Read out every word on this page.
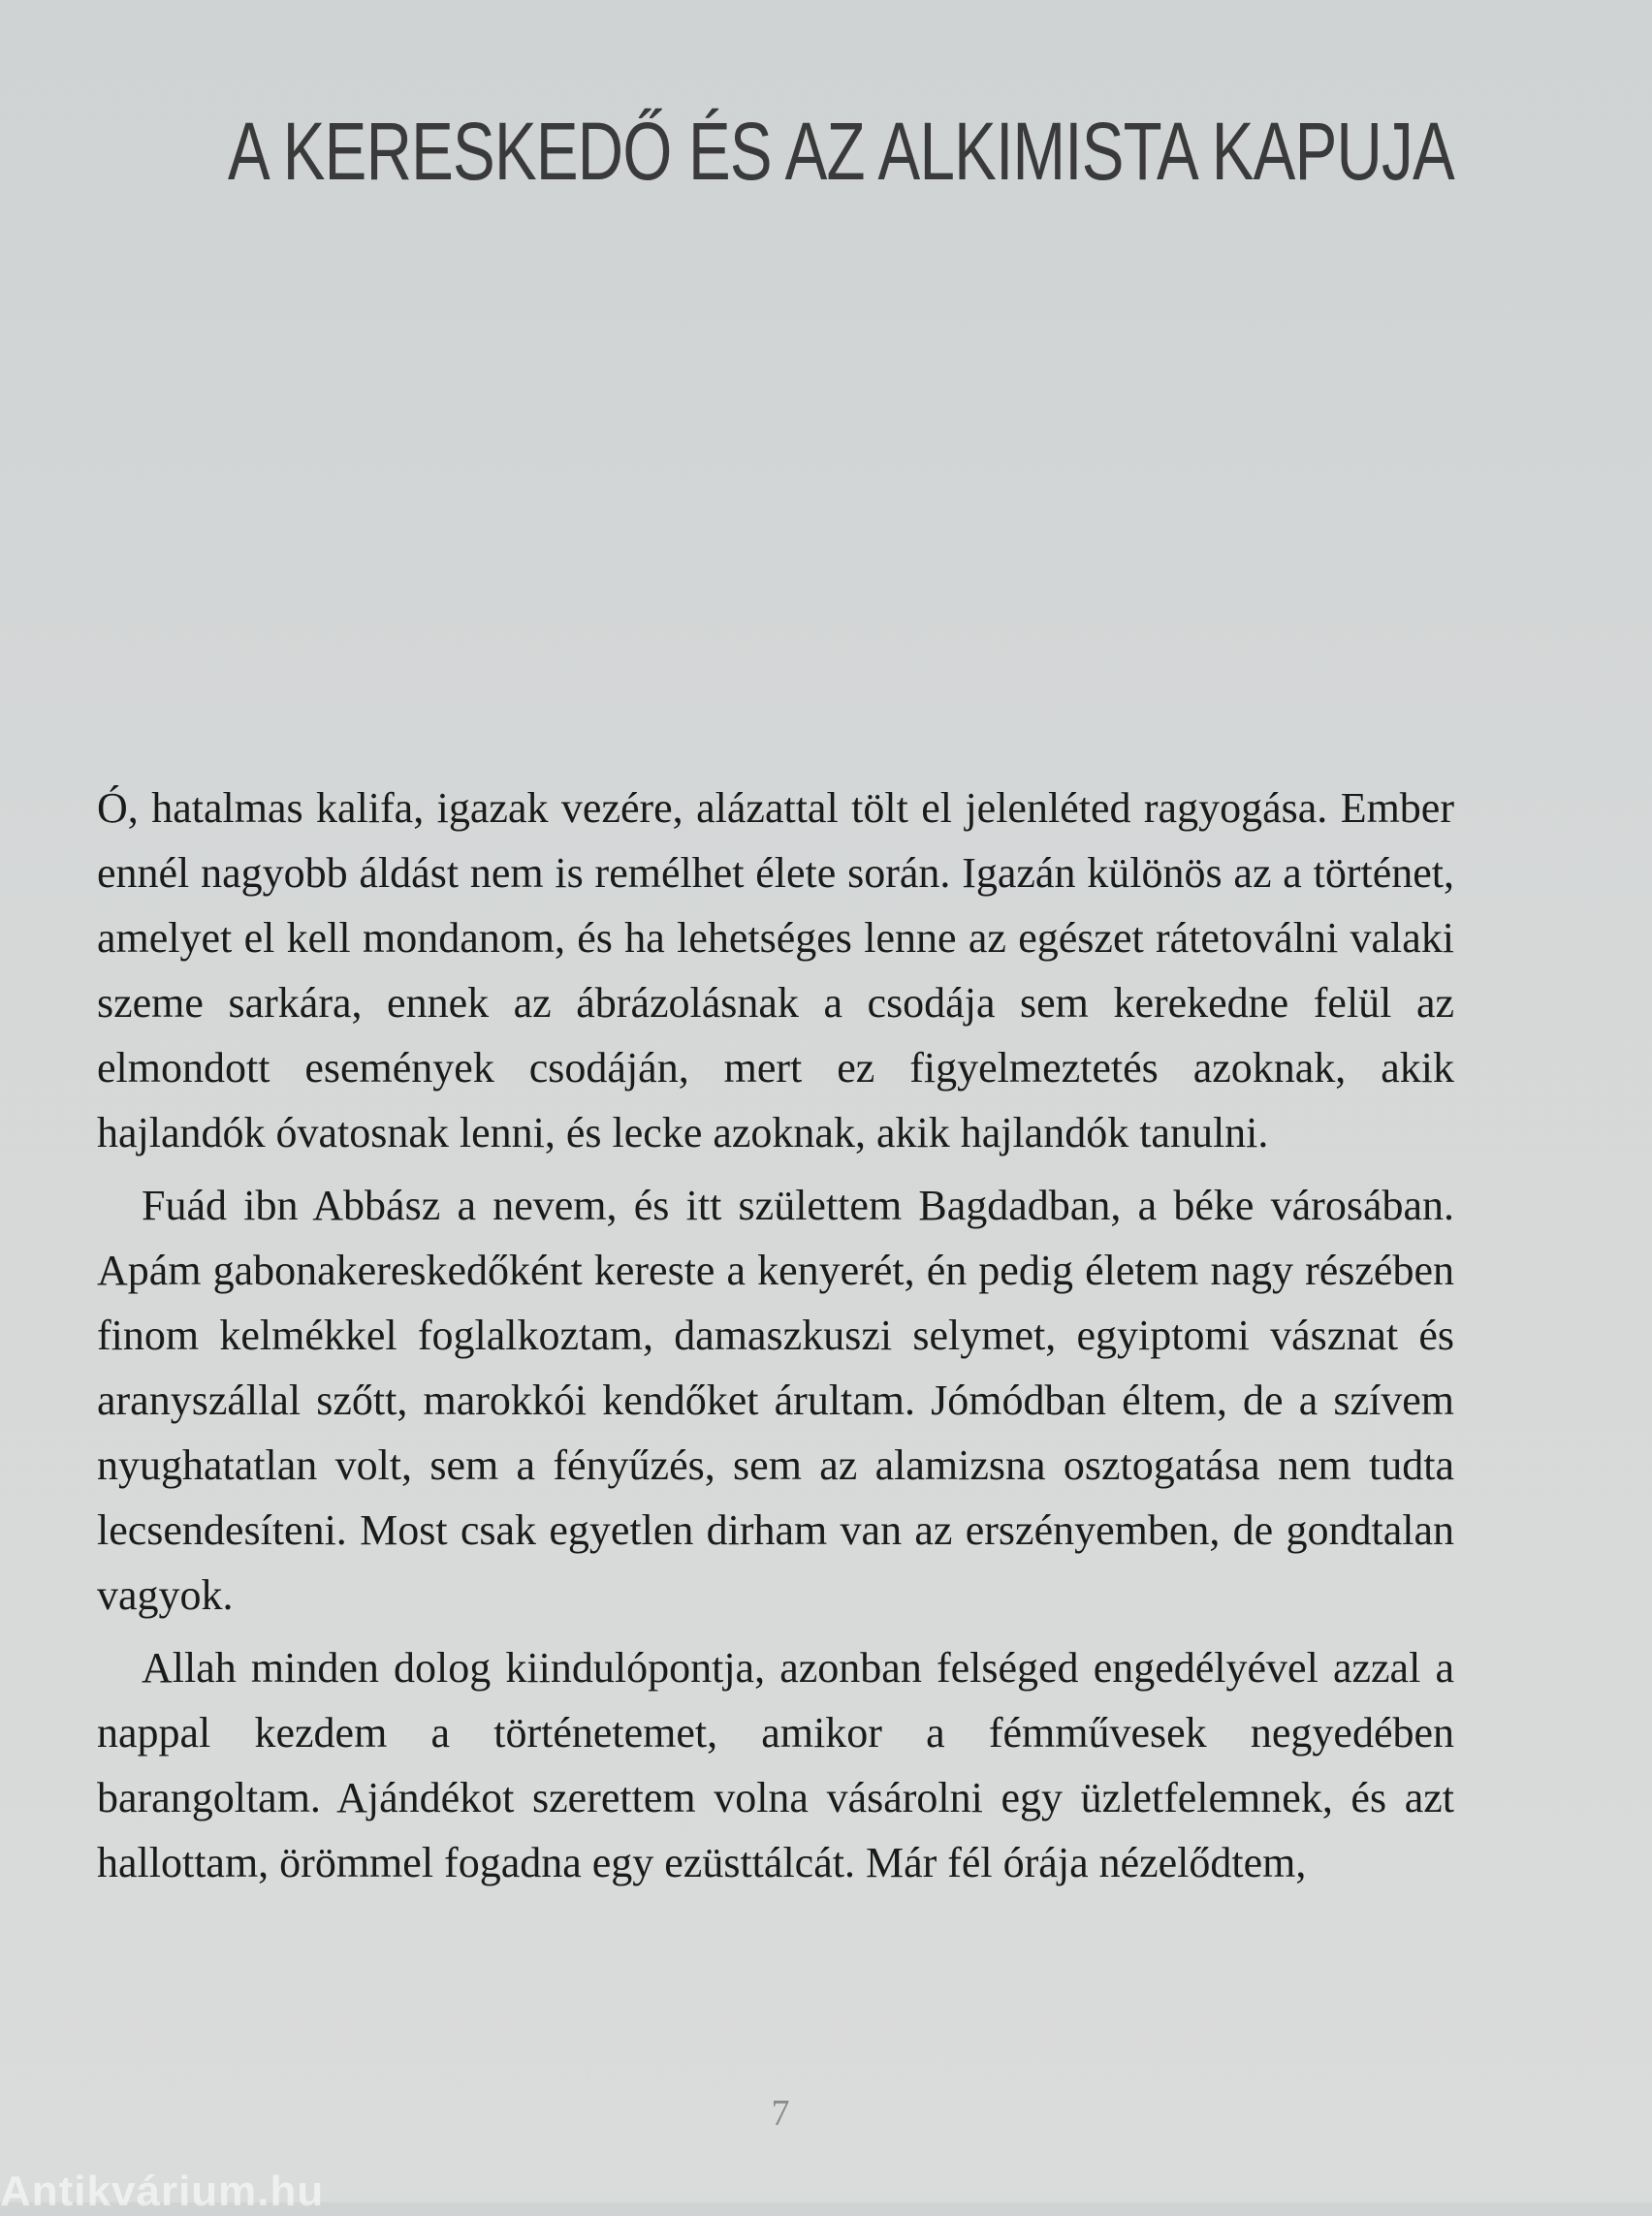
A KERESKEDŐ ÉS AZ ALKIMISTA KAPUJA

Ó, hatalmas kalifa, igazak vezére, alázattal tölt el jelenléted ragyogása. Ember ennél nagyobb áldást nem is remélhet élete során. Igazán különös az a történet, amelyet el kell mondanom, és ha lehetséges lenne az egészet rátetoválni valaki szeme sarkára, ennek az ábrázolásnak a csodája sem kerekedne felül az elmondott események csodáján, mert ez figyelmeztetés azoknak, akik hajlandók óvatosnak lenni, és lecke azoknak, akik hajlandók tanulni.

Fuád ibn Abbász a nevem, és itt születtem Bagdadban, a béke városában. Apám gabonakereskedőként kereste a kenyerét, én pedig életem nagy részében finom kelmékkel foglalkoztam, damaszkuszi selymet, egyiptomi vásznat és aranyszállal szőtt, marokkói kendőket árultam. Jómódban éltem, de a szívem nyughatatlan volt, sem a fényűzés, sem az alamizsna osztogatása nem tudta lecsendesíteni. Most csak egyetlen dirham van az erszényemben, de gondtalan vagyok.

Allah minden dolog kiindulópontja, azonban felséged engedélyével azzal a nappal kezdem a történetemet, amikor a fémművesek negyedében barangoltam. Ajándékot szerettem volna vásárolni egy üzletfelemnek, és azt hallottam, örömmel fogadna egy ezüsttálcát. Már fél órája nézelődtem,

7
Antikvárium.hu
